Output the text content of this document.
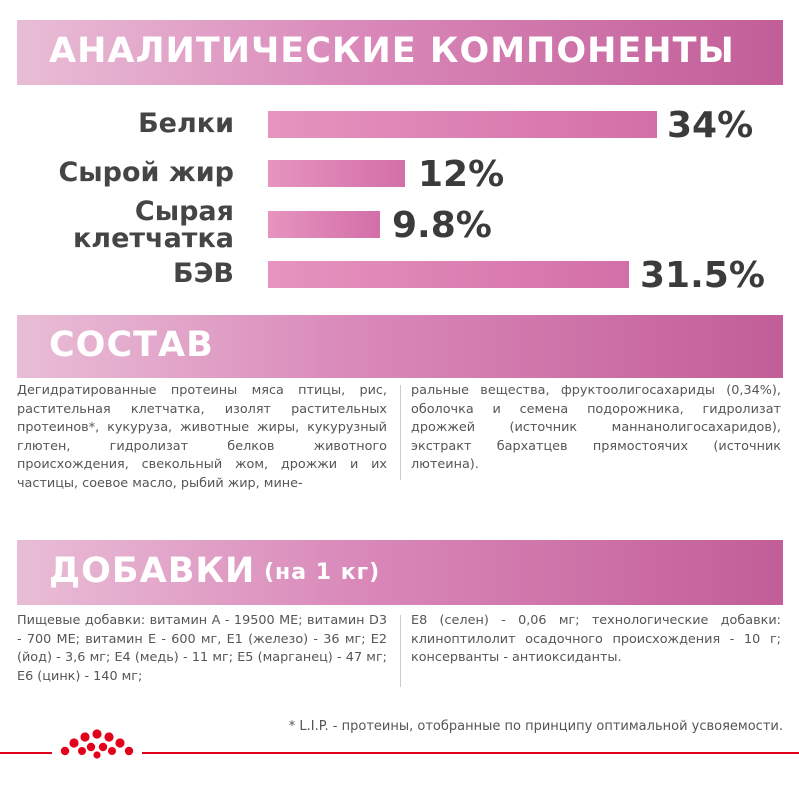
АНАЛИТИЧЕСКИЕ КОМПОНЕНТЫ
Белки	34%
Сырой жир	12%
Сырая клетчатка	9.8%
БЭВ	31.5%
СОСТАВ
Дегидратированные протеины мяса птицы, рис, растительная клетчатка, изолят растительных протеинов*, кукуруза, животные жиры, кукурузный глютен, гидролизат белков животного происхождения, свекольный жом, дрожжи и их частицы, соевое масло, рыбий жир, мине-
ральные вещества, фруктоолигосахариды (0,34%), оболочка и семена подорожника, гидролизат дрожжей (источник маннанолигосахаридов), экстракт бархатцев прямостоячих (источник лютеина).
ДОБАВКИ (на 1 кг)
Пищевые добавки: витамин А - 19500 МЕ; витамин D3 - 700 МЕ; витамин Е - 600 мг, Е1 (железо) - 36 мг; Е2 (йод) - 3,6 мг; Е4 (медь) - 11 мг; Е5 (марганец) - 47 мг; Е6 (цинк) - 140 мг;
Е8 (селен) - 0,06 мг; технологические добавки: клиноптилолит осадочного происхождения - 10 г; консерванты - антиоксиданты.
* L.I.P. - протеины, отобранные по принципу оптимальной усвояемости.
